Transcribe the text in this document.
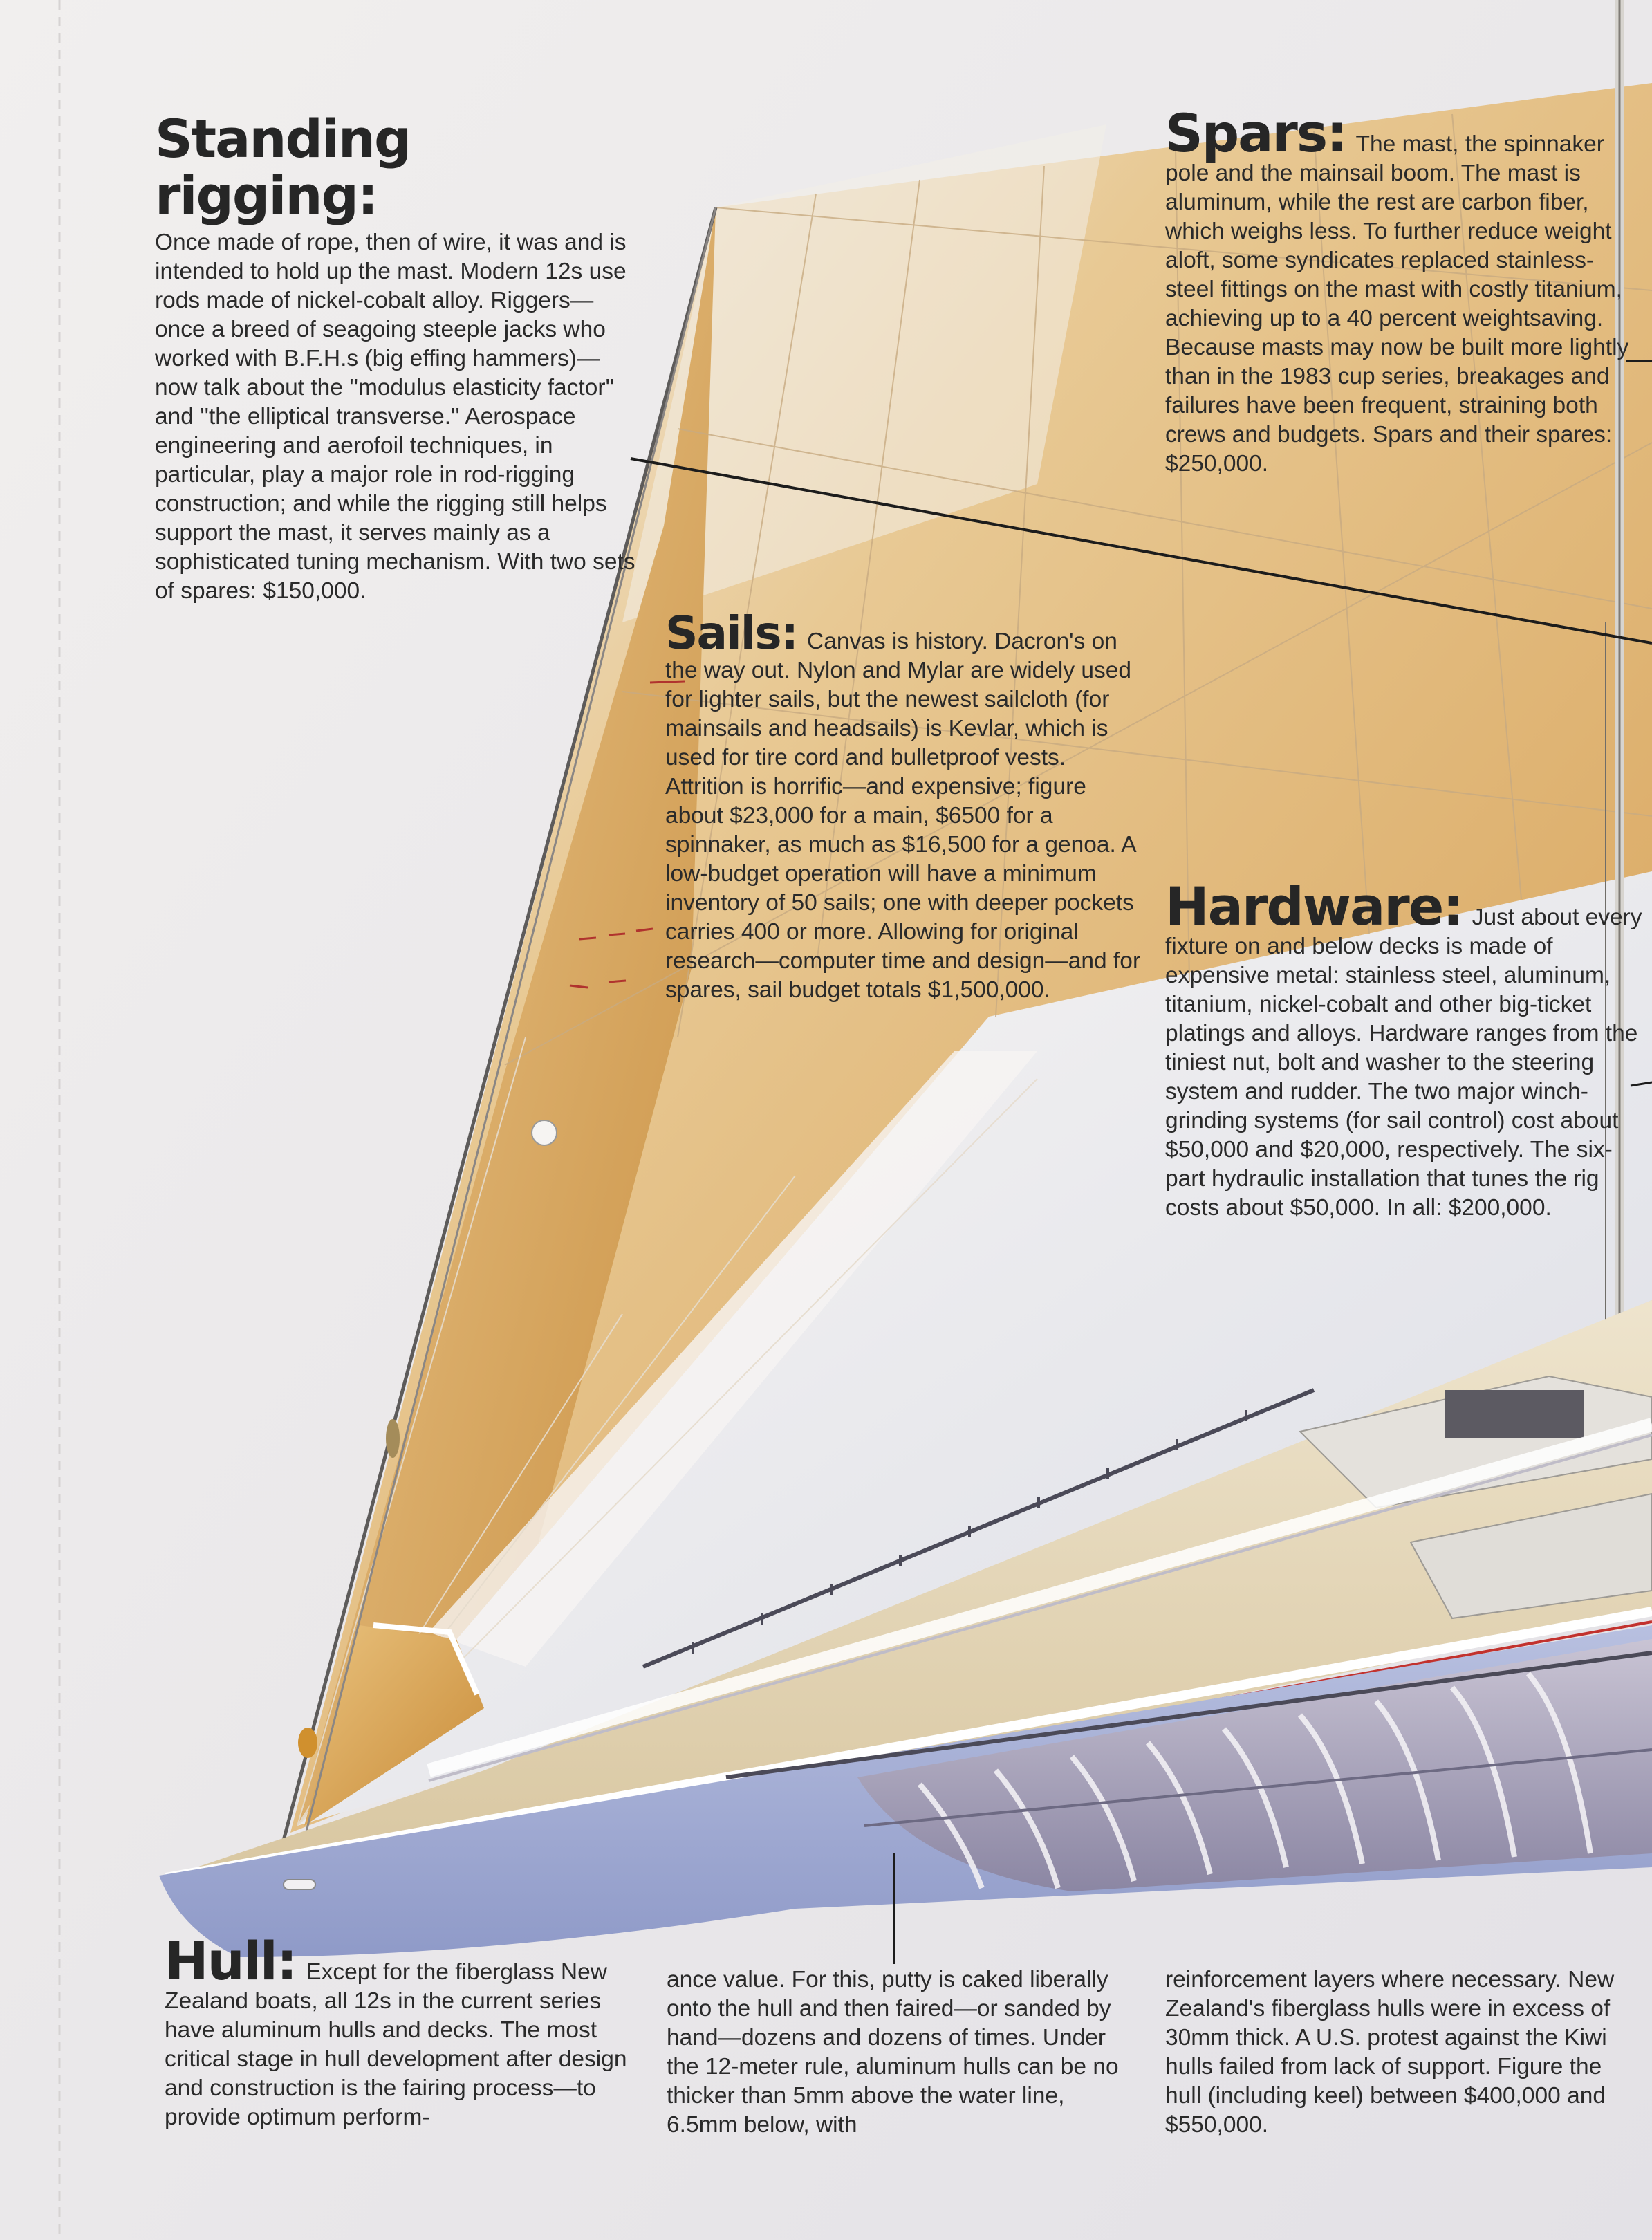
Standing rigging:
Once made of rope, then of wire, it was and is intended to hold up the mast. Modern 12s use rods made of nickel-cobalt alloy. Riggers—once a breed of seagoing steeple jacks who worked with B.F.H.s (big effing hammers)—now talk about the ''modulus elasticity factor'' and ''the elliptical transverse.'' Aerospace engineering and aerofoil techniques, in particular, play a major role in rod-rigging construction; and while the rigging still helps support the mast, it serves mainly as a sophisticated tuning mechanism. With two sets of spares: $150,000.
Spars: The mast, the spinnaker pole and the mainsail boom. The mast is aluminum, while the rest are carbon fiber, which weighs less. To further reduce weight aloft, some syndicates replaced stainless-steel fittings on the mast with costly titanium, achieving up to a 40 percent weightsaving. Because masts may now be built more lightly than in the 1983 cup series, breakages and failures have been frequent, straining both crews and budgets. Spars and their spares: $250,000.
Sails: Canvas is history. Dacron's on the way out. Nylon and Mylar are widely used for lighter sails, but the newest sailcloth (for mainsails and headsails) is Kevlar, which is used for tire cord and bulletproof vests. Attrition is horrific—and expensive; figure about $23,000 for a main, $6500 for a spinnaker, as much as $16,500 for a genoa. A low-budget operation will have a minimum inventory of 50 sails; one with deeper pockets carries 400 or more. Allowing for original research—computer time and design—and for spares, sail budget totals $1,500,000.
Hardware: Just about every fixture on and below decks is made of expensive metal: stainless steel, aluminum, titanium, nickel-cobalt and other big-ticket platings and alloys. Hardware ranges from the tiniest nut, bolt and washer to the steering system and rudder. The two major winch-grinding systems (for sail control) cost about $50,000 and $20,000, respectively. The six-part hydraulic installation that tunes the rig costs about $50,000. In all: $200,000.
Hull: Except for the fiberglass New Zealand boats, all 12s in the current series have aluminum hulls and decks. The most critical stage in hull development after design and construction is the fairing process—to provide optimum perform-

ance value. For this, putty is caked liberally onto the hull and then faired—or sanded by hand—dozens and dozens of times. Under the 12-meter rule, aluminum hulls can be no thicker than 5mm above the water line, 6.5mm below, with

reinforcement layers where necessary. New Zealand's fiberglass hulls were in excess of 30mm thick. A U.S. protest against the Kiwi hulls failed from lack of support. Figure the hull (including keel) between $400,000 and $550,000.
